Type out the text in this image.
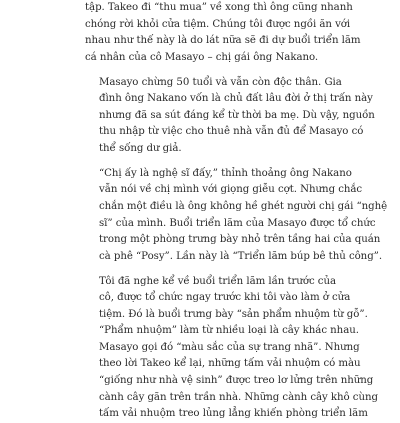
tập. Takeo đi “thu mua” về xong thì ông cũng nhanh
chóng rời khỏi cửa tiệm. Chúng tôi được ngồi ăn với
nhau như thế này là do lát nữa sẽ đi dự buổi triển lãm
cá nhân của cô Masayo – chị gái ông Nakano.

Masayo chừng 50 tuổi và vẫn còn độc thân. Gia
đình ông Nakano vốn là chủ đất lâu đời ở thị trấn này
nhưng đã sa sút đáng kể từ thời ba mẹ. Dù vậy, nguồn
thu nhập từ việc cho thuê nhà vẫn đủ để Masayo có
thể sống dư giả.

“Chị ấy là nghệ sĩ đấy,” thỉnh thoảng ông Nakano
vẫn nói về chị mình với giọng giễu cợt. Nhưng chắc
chắn một điều là ông không hề ghét người chị gái “nghệ
sĩ” của mình. Buổi triển lãm của Masayo được tổ chức
trong một phòng trưng bày nhỏ trên tầng hai của quán
cà phê “Posy”. Lần này là “Triển lãm búp bê thủ công”.

Tôi đã nghe kể về buổi triển lãm lần trước của
cô, được tổ chức ngay trước khi tôi vào làm ở cửa
tiệm. Đó là buổi trưng bày “sản phẩm nhuộm từ gỗ”.
“Phẩm nhuộm” làm từ nhiều loại là cây khác nhau.
Masayo gọi đó “màu sắc của sự trang nhã”. Nhưng
theo lời Takeo kể lại, những tấm vải nhuộm có màu
“giống như nhà vệ sinh” được treo lơ lửng trên những
cành cây gãn trên trần nhà. Những cành cây khô cùng
tấm vải nhuộm treo lủng lẳng khiến phòng triển lãm
